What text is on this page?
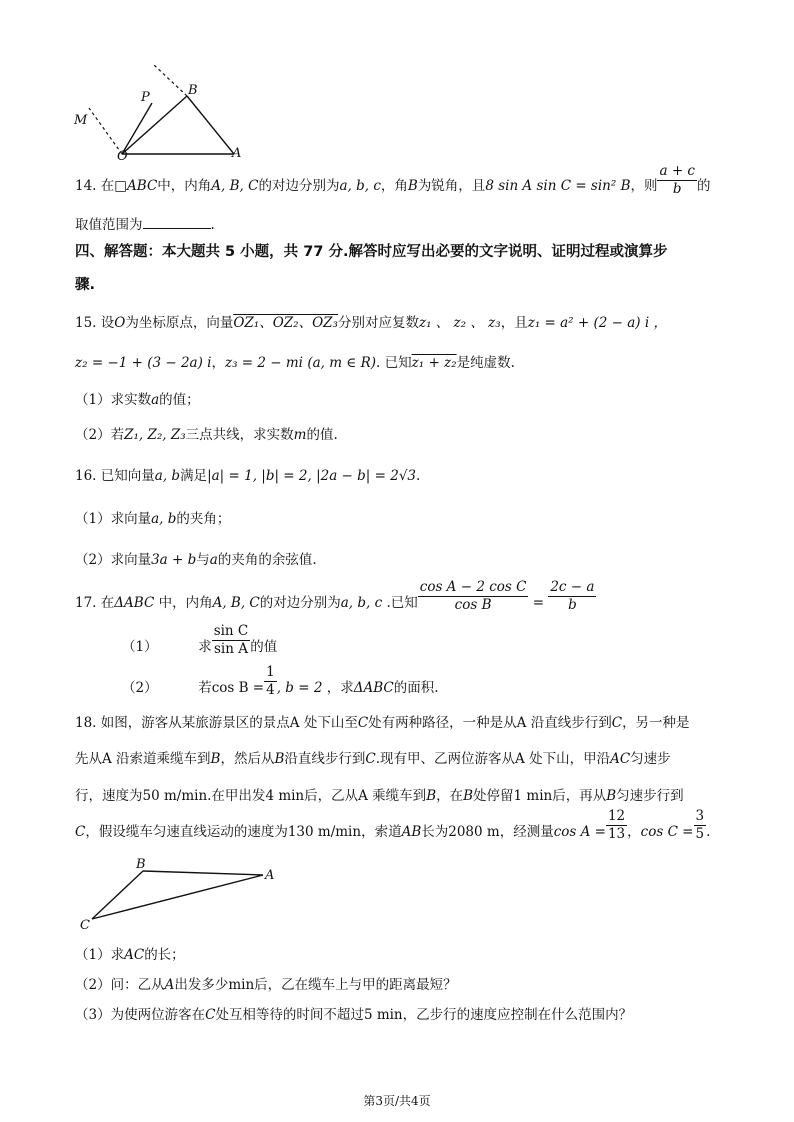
M
P	B
O	A
14. 在□ABC中，内角A, B, C的对边分别为a, b, c，角B为锐角，且8 sin A sin C = sin² B，则 $\frac{a + c}{b}$ 的
取值范围为	.
四、解答题：本大题共 5 小题，共 77 分.解答时应写出必要的文字说明、证明过程或演算步
骤.
15. 设O为坐标原点，向量OZ₁、OZ₂、OZ₃分别对应复数z₁ 、 z₂ 、 z₃，且z₁ = a² + (2 − a) i ，
z₂ = −1 + (3 − 2a) i，z₃ = 2 − mi (a, m ∈ R). 已知z₁ + z₂是纯虚数.
（1）求实数a的值；
（2）若Z₁, Z₂, Z₃三点共线，求实数m的值.
16. 已知向量a, b满足|a| = 1, |b| = 2, |2a − b| = 2√3.
（1）求向量a, b的夹角；
（2）求向量3a + b与a的夹角的余弦值.
17. 在ΔABC 中，内角A, B, C的对边分别为a, b, c .已知 $\frac{\text{cos A − 2 cos C}}{\text{cos B}} = \frac{2c - a}{b}$
（1）	求 $\frac{\text{sin C}}{\text{sin A}}$ 的值
（2）	若$\cos B = \frac{1}{4}$ , b = 2 ，求ΔABC的面积.
18. 如图，游客从某旅游景区的景点A 处下山至C处有两种路径，一种是从A 沿直线步行到C，另一种是
先从A 沿索道乘缆车到B，然后从B沿直线步行到C.现有甲、乙两位游客从A 处下山，甲沿AC匀速步
行，速度为50 m/min.在甲出发4 min后，乙从A 乘缆车到B，在B处停留1 min后，再从B匀速步行到
C，假设缆车匀速直线运动的速度为130 m/min，索道AB长为2080 m，经测量$\cos A = \frac{12}{13}$ ，$\cos C = \frac{3}{5}$ .
B
A
C
（1）求AC的长；
（2）问：乙从A出发多少min后，乙在缆车上与甲的距离最短？
（3）为使两位游客在C处互相等待的时间不超过5 min，乙步行的速度应控制在什么范围内？
第3页/共4页
